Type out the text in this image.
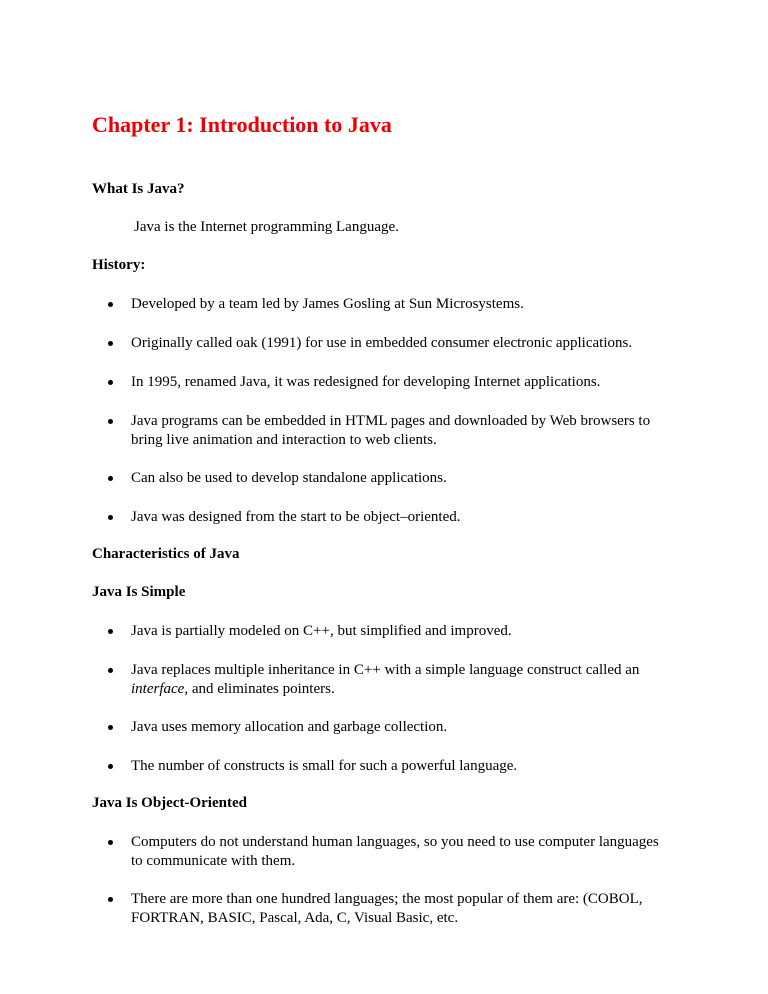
Chapter 1: Introduction to Java

What Is Java?

Java is the Internet programming Language.

History:

Developed by a team led by James Gosling at Sun Microsystems.
Originally called oak (1991) for use in embedded consumer electronic applications.
In 1995, renamed Java, it was redesigned for developing Internet applications.
Java programs can be embedded in HTML pages and downloaded by Web browsers to bring live animation and interaction to web clients.
Can also be used to develop standalone applications.
Java was designed from the start to be object–oriented.

Characteristics of Java

Java Is Simple

Java is partially modeled on C++, but simplified and improved.
Java replaces multiple inheritance in C++ with a simple language construct called an interface, and eliminates pointers.
Java uses memory allocation and garbage collection.
The number of constructs is small for such a powerful language.

Java Is Object-Oriented

Computers do not understand human languages, so you need to use computer languages to communicate with them.
There are more than one hundred languages; the most popular of them are: (COBOL, FORTRAN, BASIC, Pascal, Ada, C, Visual Basic, etc.
